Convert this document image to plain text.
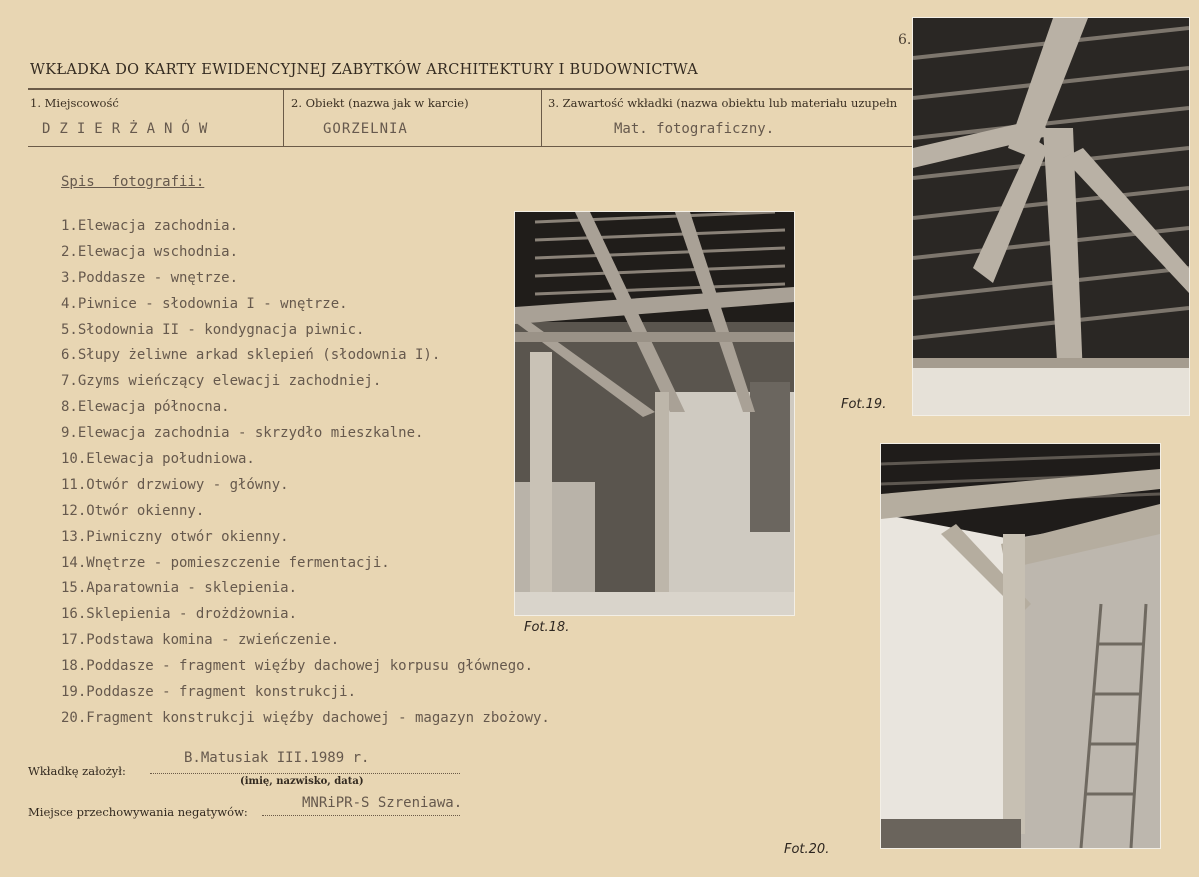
6.
WKŁADKA DO KARTY EWIDENCYJNEJ ZABYTKÓW ARCHITEKTURY I BUDOWNICTWA
1. Miejscowość
DZIERŻANÓW
2. Obiekt (nazwa jak w karcie)
GORZELNIA
3. Zawartość wkładki (nazwa obiektu lub materiału uzupełn
Mat. fotograficzny.
Spis  fotografii:
1.Elewacja zachodnia.
2.Elewacja wschodnia.
3.Poddasze - wnętrze.
4.Piwnice - słodownia I - wnętrze.
5.Słodownia II - kondygnacja piwnic.
6.Słupy żeliwne arkad sklepień (słodownia I).
7.Gzyms wieńczący elewacji zachodniej.
8.Elewacja północna.
9.Elewacja zachodnia - skrzydło mieszkalne.
10.Elewacja południowa.
11.Otwór drzwiowy - główny.
12.Otwór okienny.
13.Piwniczny otwór okienny.
14.Wnętrze - pomieszczenie fermentacji.
15.Aparatownia - sklepienia.
16.Sklepienia - drożdżownia.
17.Podstawa komina - zwieńczenie.
18.Poddasze - fragment więźby dachowej korpusu głównego.
19.Poddasze - fragment konstrukcji.
20.Fragment konstrukcji więźby dachowej - magazyn zbożowy.
Wkładkę założył:
B.Matusiak III.1989 r.
(imię, nazwisko, data)
Miejsce przechowywania negatywów:
MNRiPR-S Szreniawa.
Fot.18.
Fot.19.
Fot.20.
